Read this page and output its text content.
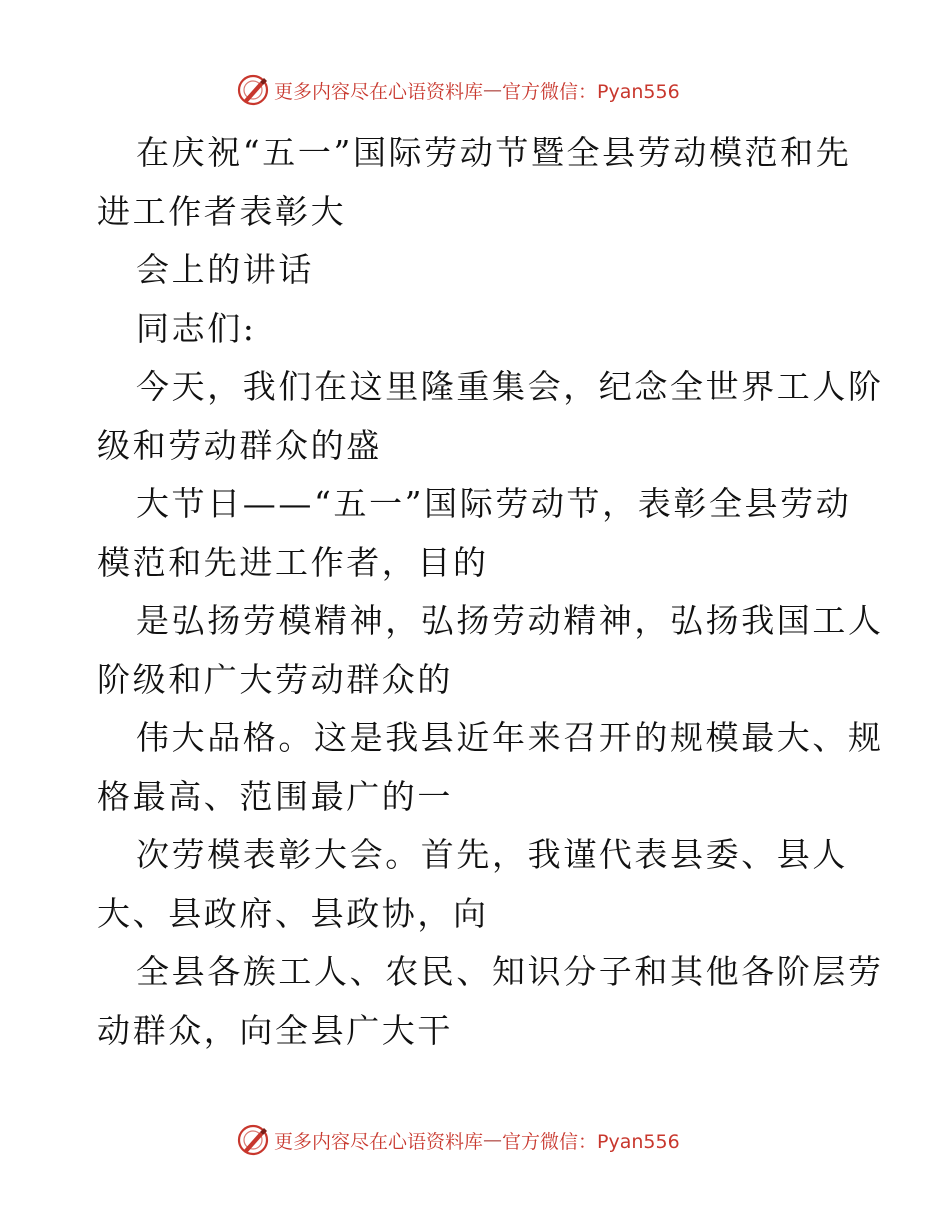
更多内容尽在心语资料库 — 官方微信：Pyan556
在庆祝“五一”国际劳动节暨全县劳动模范和先
进工作者表彰大
会上的讲话
同志们:
今天，我们在这里隆重集会，纪念全世界工人阶
级和劳动群众的盛
大节日——“五一”国际劳动节，表彰全县劳动
模范和先进工作者，目的
是弘扬劳模精神，弘扬劳动精神，弘扬我国工人
阶级和广大劳动群众的
伟大品格。这是我县近年来召开的规模最大、规
格最高、范围最广的一
次劳模表彰大会。首先，我谨代表县委、县人
大、县政府、县政协，向
全县各族工人、农民、知识分子和其他各阶层劳
动群众，向全县广大干
更多内容尽在心语资料库 — 官方微信：Pyan556
